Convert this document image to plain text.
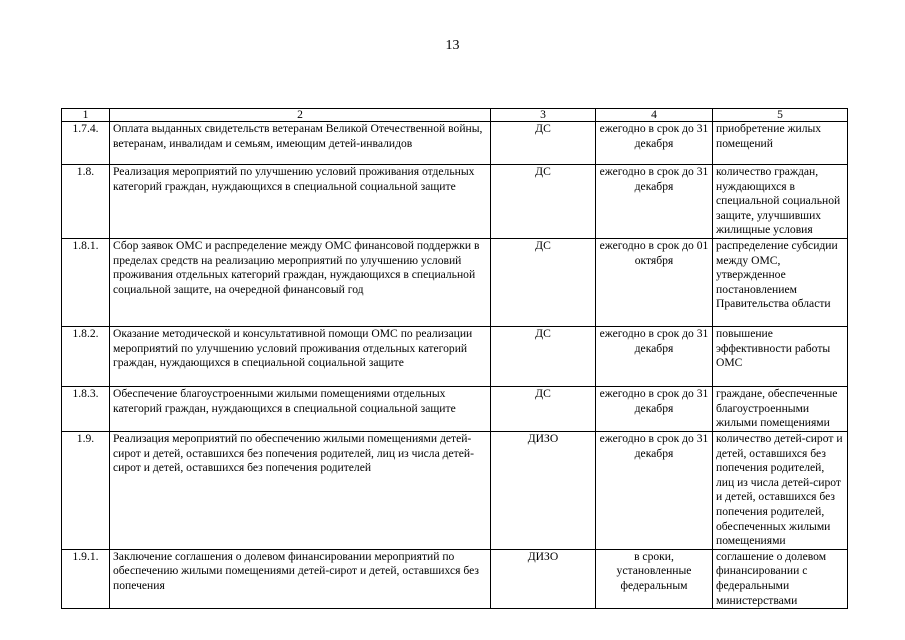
13
1	2	3	4	5
1.7.4.	Оплата выданных свидетельств ветеранам Великой Отечественной войны, ветеранам, инвалидам и семьям, имеющим детей-инвалидов	ДС	ежегодно в срок до 31 декабря	приобретение жилых помещений
1.8.	Реализация мероприятий по улучшению условий проживания отдельных категорий граждан, нуждающихся в специальной социальной защите	ДС	ежегодно в срок до 31 декабря	количество граждан, нуждающихся в специальной социальной защите, улучшивших жилищные условия
1.8.1.	Сбор заявок ОМС и распределение между ОМС финансовой поддержки в пределах средств на реализацию мероприятий по улучшению условий проживания отдельных категорий граждан, нуждающихся в специальной социальной защите, на очередной финансовый год	ДС	ежегодно в срок до 01 октября	распределение субсидии между ОМС, утвержденное постановлением Правительства области
1.8.2.	Оказание методической и консультативной помощи ОМС по реализации мероприятий по улучшению условий проживания отдельных категорий граждан, нуждающихся в специальной социальной защите	ДС	ежегодно в срок до 31 декабря	повышение эффективности работы ОМС
1.8.3.	Обеспечение благоустроенными жилыми помещениями отдельных категорий граждан, нуждающихся в специальной социальной защите	ДС	ежегодно в срок до 31 декабря	граждане, обеспеченные благоустроенными жилыми помещениями
1.9.	Реализация мероприятий по обеспечению жилыми помещениями детей-сирот и детей, оставшихся без попечения родителей, лиц из числа детей-сирот и детей, оставшихся без попечения родителей	ДИЗО	ежегодно в срок до 31 декабря	количество детей-сирот и детей, оставшихся без попечения родителей, лиц из числа детей-сирот и детей, оставшихся без попечения родителей, обеспеченных жилыми помещениями
1.9.1.	Заключение соглашения о долевом финансировании мероприятий по обеспечению жилыми помещениями детей-сирот и детей, оставшихся без попечения	ДИЗО	в сроки, установленные федеральным	соглашение о долевом финансировании с федеральными министерствами
